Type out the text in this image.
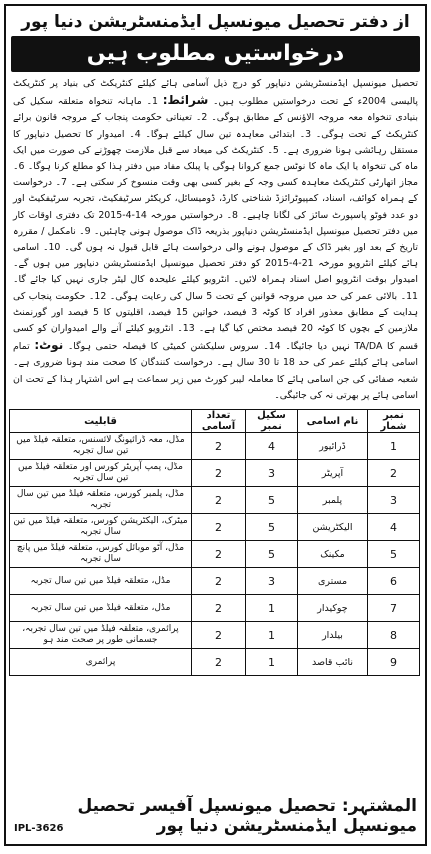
از دفتر تحصیل میونسپل ایڈمنسٹریشن دنیا پور
درخواستیں مطلوب ہیں

تحصیل میونسپل ایڈمنسٹریشن دنیاپور کو درج ذیل آسامی ہائے کیلئے کنٹریکٹ کی بنیاد پر کنٹریکٹ پالیسی 2004ء کے تحت درخواستیں مطلوب ہیں۔ شرائط: 1۔ ماہانہ تنخواہ متعلقہ سکیل کی بنیادی تنخواہ معہ مروجہ الاؤنس کے مطابق ہوگی۔ 2۔ تعیناتی حکومت پنجاب کے مروجہ قانون برائے کنٹریکٹ کے تحت ہوگی۔ 3۔ ابتدائی معاہدہ تین سال کیلئے ہوگا۔ 4۔ امیدوار کا تحصیل دنیاپور کا مستقل رہائشی ہونا ضروری ہے۔ 5۔ کنٹریکٹ کی میعاد سے قبل ملازمت چھوڑنے کی صورت میں ایک ماہ کی تنخواہ یا ایک ماہ کا نوٹس جمع کروانا ہوگی یا پبلک مفاد میں دفتر ہذا کو مطلع کرنا ہوگا۔ 6۔ مجاز اتھارٹی کنٹریکٹ معاہدہ کسی وجہ کے بغیر کسی بھی وقت منسوخ کر سکتی ہے۔ 7۔ درخواست کے ہمراہ کوائف، اسناد، کمپیوٹرائزڈ شناختی کارڈ، ڈومیسائل، کریکٹر سرٹیفکیٹ، تجربہ سرٹیفکیٹ اور دو عدد فوٹو پاسپورٹ سائز کی لگانا چاہیے۔ 8۔ درخواستیں مورخہ 14-4-2015 تک دفتری اوقات کار میں دفتر تحصیل میونسپل ایڈمنسٹریشن دنیاپور بذریعہ ڈاک موصول ہونی چاہئیں۔ 9۔ نامکمل / مقررہ تاریخ کے بعد اور بغیر ڈاک کے موصول ہونے والی درخواست ہائے قابل قبول نہ ہوں گی۔ 10۔ اسامی ہائے کیلئے انٹرویو مورخہ 21-4-2015 کو دفتر تحصیل میونسپل ایڈمنسٹریشن دنیاپور میں ہوں گے۔ امیدوار بوقت انٹرویو اصل اسناد ہمراہ لائیں۔ انٹرویو کیلئے علیحدہ کال لیٹر جاری نہیں کیا جائے گا۔ 11۔ بالائی عمر کی حد میں مروجہ قوانین کے تحت 5 سال کی رعایت ہوگی۔ 12۔ حکومت پنجاب کی ہدایت کے مطابق معذور افراد کا کوٹہ 3 فیصد، خواتین 15 فیصد، اقلیتوں کا 5 فیصد اور گورنمنٹ ملازمین کے بچوں کا کوٹہ 20 فیصد مختص کیا گیا ہے۔ 13۔ انٹرویو کیلئے آنے والے امیدواران کو کسی قسم کا TA/DA نہیں دیا جائیگا۔ 14۔ سروس سلیکشن کمیٹی کا فیصلہ حتمی ہوگا۔ نوٹ: تمام اسامی ہائے کیلئے عمر کی حد 18 تا 30 سال ہے۔ درخواست کنندگان کا صحت مند ہونا ضروری ہے۔ شعبہ صفائی کی جن اسامی ہائے کا معاملہ لیبر کورٹ میں زیر سماعت ہے اس اشتہار ہذا کے تحت ان اسامی ہائے پر بھرتی نہ کی جائیگی۔

نمبر شمار	نام اسامی	سکیل نمبر	تعداد آسامی	قابلیت
1	ڈرائیور	4	2	مڈل، معہ ڈرائیونگ لائسنس، متعلقہ فیلڈ میں تین سال تجربہ
2	آپریٹر	3	2	مڈل، پمپ آپریٹر کورس اور متعلقہ فیلڈ میں تین سال تجربہ
3	پلمبر	5	2	مڈل، پلمبر کورس، متعلقہ فیلڈ میں تین سال تجربہ
4	الیکٹریشن	5	2	میٹرک، الیکٹریشن کورس، متعلقہ فیلڈ میں تین سال تجربہ
5	مکینک	5	2	مڈل، آٹو موبائل کورس، متعلقہ فیلڈ میں پانچ سال تجربہ
6	مستری	3	2	مڈل، متعلقہ فیلڈ میں تین سال تجربہ
7	چوکیدار	1	2	مڈل، متعلقہ فیلڈ میں تین سال تجربہ
8	بیلدار	1	2	پرائمری، متعلقہ فیلڈ میں تین سال تجربہ، جسمانی طور پر صحت مند ہو
9	نائب قاصد	1	2	پرائمری
المشتہر: تحصیل میونسپل آفیسر تحصیل میونسپل ایڈمنسٹریشن دنیا پور
IPL-3626
